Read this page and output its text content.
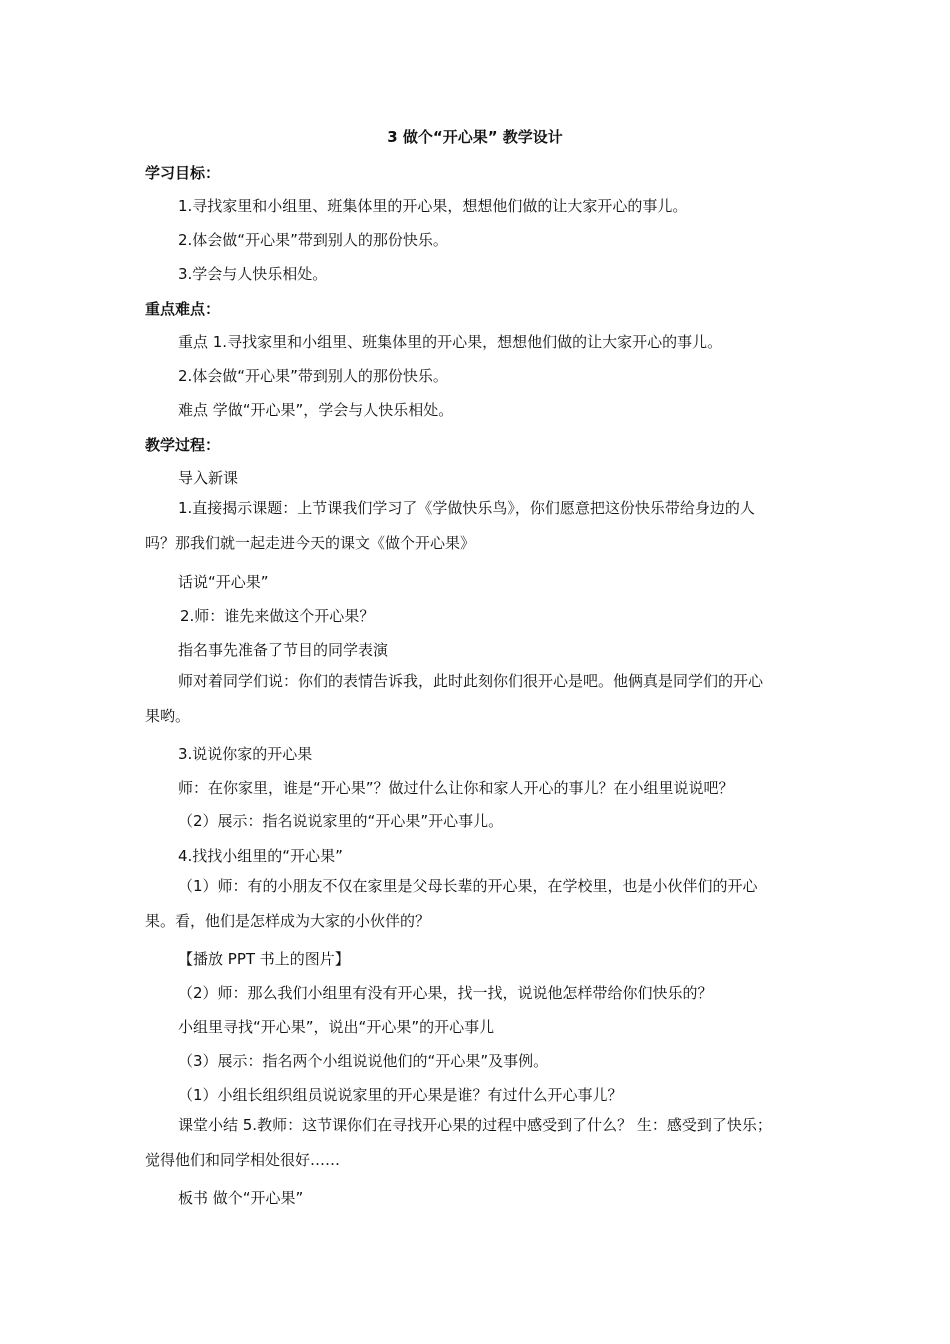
3 做个“开心果” 教学设计
学习目标：
1.寻找家里和小组里、班集体里的开心果，想想他们做的让大家开心的事儿。
2.体会做“开心果”带到别人的那份快乐。
3.学会与人快乐相处。
重点难点：
重点 1.寻找家里和小组里、班集体里的开心果，想想他们做的让大家开心的事儿。
2.体会做“开心果”带到别人的那份快乐。
难点 学做“开心果”，学会与人快乐相处。
教学过程：
导入新课
1.直接揭示课题：上节课我们学习了《学做快乐鸟》，你们愿意把这份快乐带给身边的人吗？那我们就一起走进今天的课文《做个开心果》
话说“开心果”
2.师：谁先来做这个开心果？
指名事先准备了节目的同学表演
师对着同学们说：你们的表情告诉我，此时此刻你们很开心是吧。他俩真是同学们的开心果哟。
3.说说你家的开心果
师：在你家里，谁是“开心果”？做过什么让你和家人开心的事儿？在小组里说说吧？
（2）展示：指名说说家里的“开心果”开心事儿。
4.找找小组里的“开心果”
（1）师：有的小朋友不仅在家里是父母长辈的开心果，在学校里，也是小伙伴们的开心果。看，他们是怎样成为大家的小伙伴的？
【播放 PPT 书上的图片】
（2）师：那么我们小组里有没有开心果，找一找，说说他怎样带给你们快乐的？
小组里寻找“开心果”，说出“开心果”的开心事儿
（3）展示：指名两个小组说说他们的“开心果”及事例。
（1）小组长组织组员说说家里的开心果是谁？有过什么开心事儿？
课堂小结 5.教师：这节课你们在寻找开心果的过程中感受到了什么？ 生：感受到了快乐；觉得他们和同学相处很好……
板书 做个“开心果”
